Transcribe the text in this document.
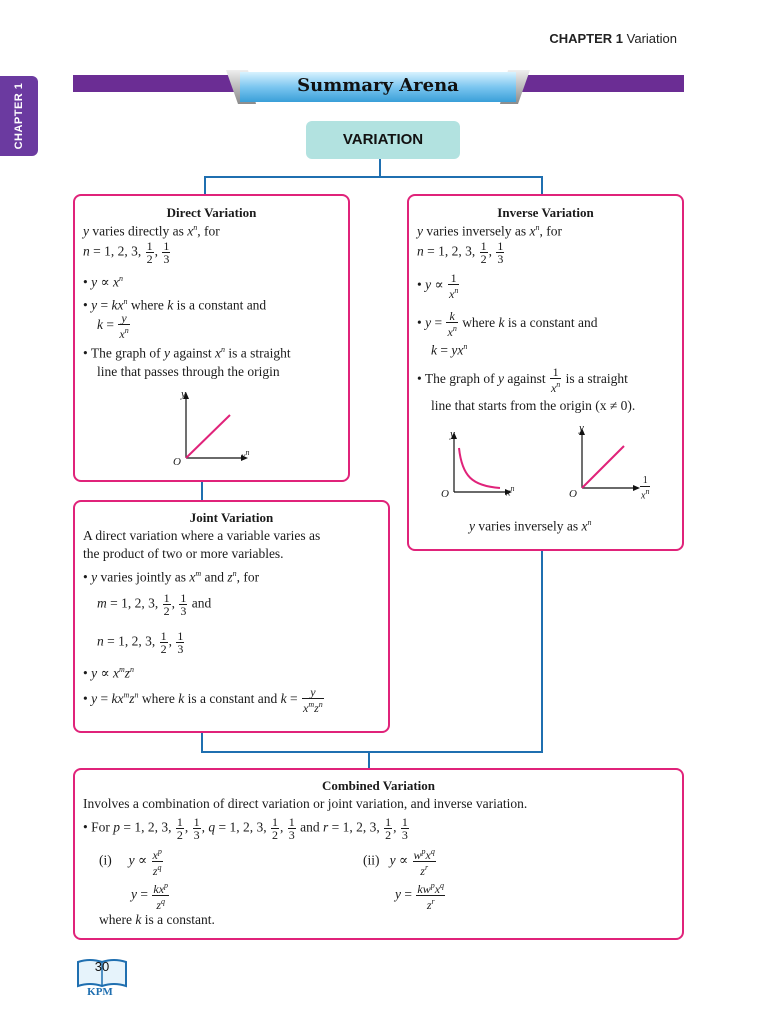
CHAPTER 1 Variation
CHAPTER 1	Summary Arena
VARIATION
Direct Variation
y varies directly as $x^n$, for
n = 1, 2, 3, $\frac{1}{2}$ , $\frac{1}{3}$
• $y \propto x^n$
• $y = kx^n$ where k is a constant and
$k = \frac{y}{x^n}$
• The graph of y against $x^n$ is a straight
line that passes through the origin
y
O	$x^n$
Inverse Variation
y varies inversely as $x^n$, for
n = 1, 2, 3, $\frac{1}{2}$ , $\frac{1}{3}$
• $y \propto \frac{1}{x^n}$
• $y = \frac{k}{x^n}$ where k is a constant and
$k = yx^n$
• The graph of y against $\frac{1}{x^n}$ is a straight
line that starts from the origin (x ≠ 0).
y
O	$x^n$
y
O	$\frac{1}{x^n}$
y varies inversely as $x^n$
Joint Variation
A direct variation where a variable varies as
the product of two or more variables.
• y varies jointly as $x^m$ and $z^n$, for
m = 1, 2, 3, $\frac{1}{2}$ , $\frac{1}{3}$ and
n = 1, 2, 3, $\frac{1}{2}$ , $\frac{1}{3}$
• $y \propto x^mz^n$
• $y = kx^mz^n$ where k is a constant and $k = \frac{y}{x^mz^n}$
Combined Variation
Involves a combination of direct variation or joint variation, and inverse variation.
• For p = 1, 2, 3, $\frac{1}{2}$ , $\frac{1}{3}$ , q = 1, 2, 3, $\frac{1}{2}$ , $\frac{1}{3}$ and r = 1, 2, 3, $\frac{1}{2}$ , $\frac{1}{3}$
(i) $y \propto \frac{x^p}{z^q}$
$y = \frac{kx^p}{z^q}$
(ii) $y \propto \frac{w^px^q}{z^r}$
$y = \frac{kw^px^q}{z^r}$
where k is a constant.
30
KPM
